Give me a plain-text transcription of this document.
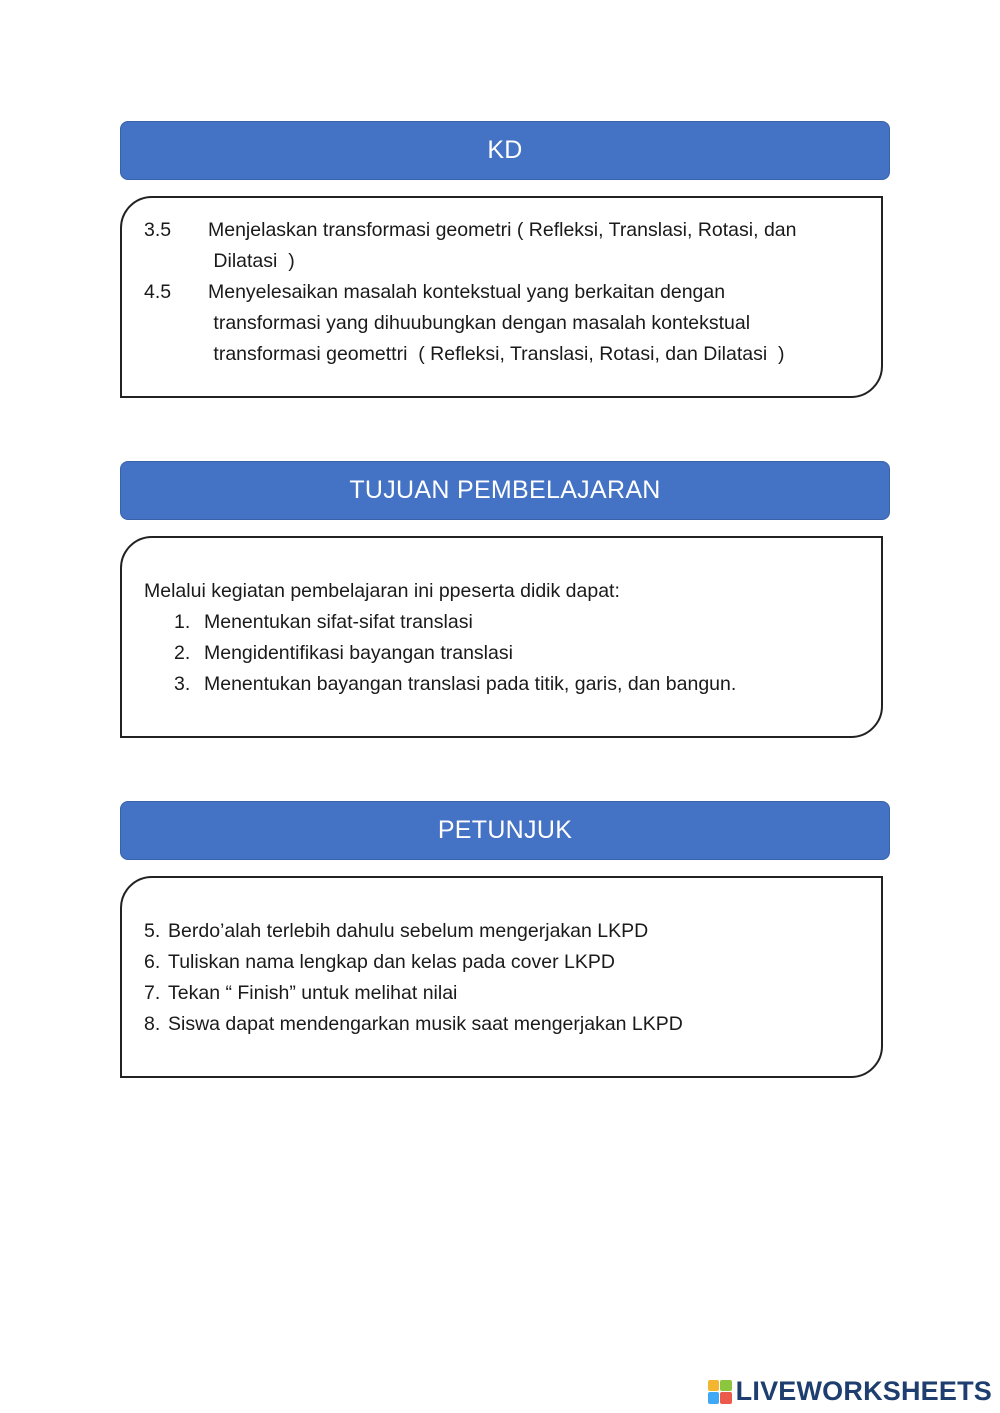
KD
3.5	Menjelaskan transformasi geometri ( Refleksi, Translasi, Rotasi, dan
Dilatasi  )
4.5	Menyelesaikan masalah kontekstual yang berkaitan dengan
transformasi yang dihuubungkan dengan masalah kontekstual
transformasi geomettri  ( Refleksi, Translasi, Rotasi, dan Dilatasi  )
TUJUAN PEMBELAJARAN
Melalui kegiatan pembelajaran ini ppeserta didik dapat:
1. Menentukan sifat-sifat translasi
2. Mengidentifikasi bayangan translasi
3. Menentukan bayangan translasi pada titik, garis, dan bangun.
PETUNJUK
5. Berdo’alah terlebih dahulu sebelum mengerjakan LKPD
6. Tuliskan nama lengkap dan kelas pada cover LKPD
7. Tekan “ Finish” untuk melihat nilai
8. Siswa dapat mendengarkan musik saat mengerjakan LKPD
LIVEWORKSHEETS
